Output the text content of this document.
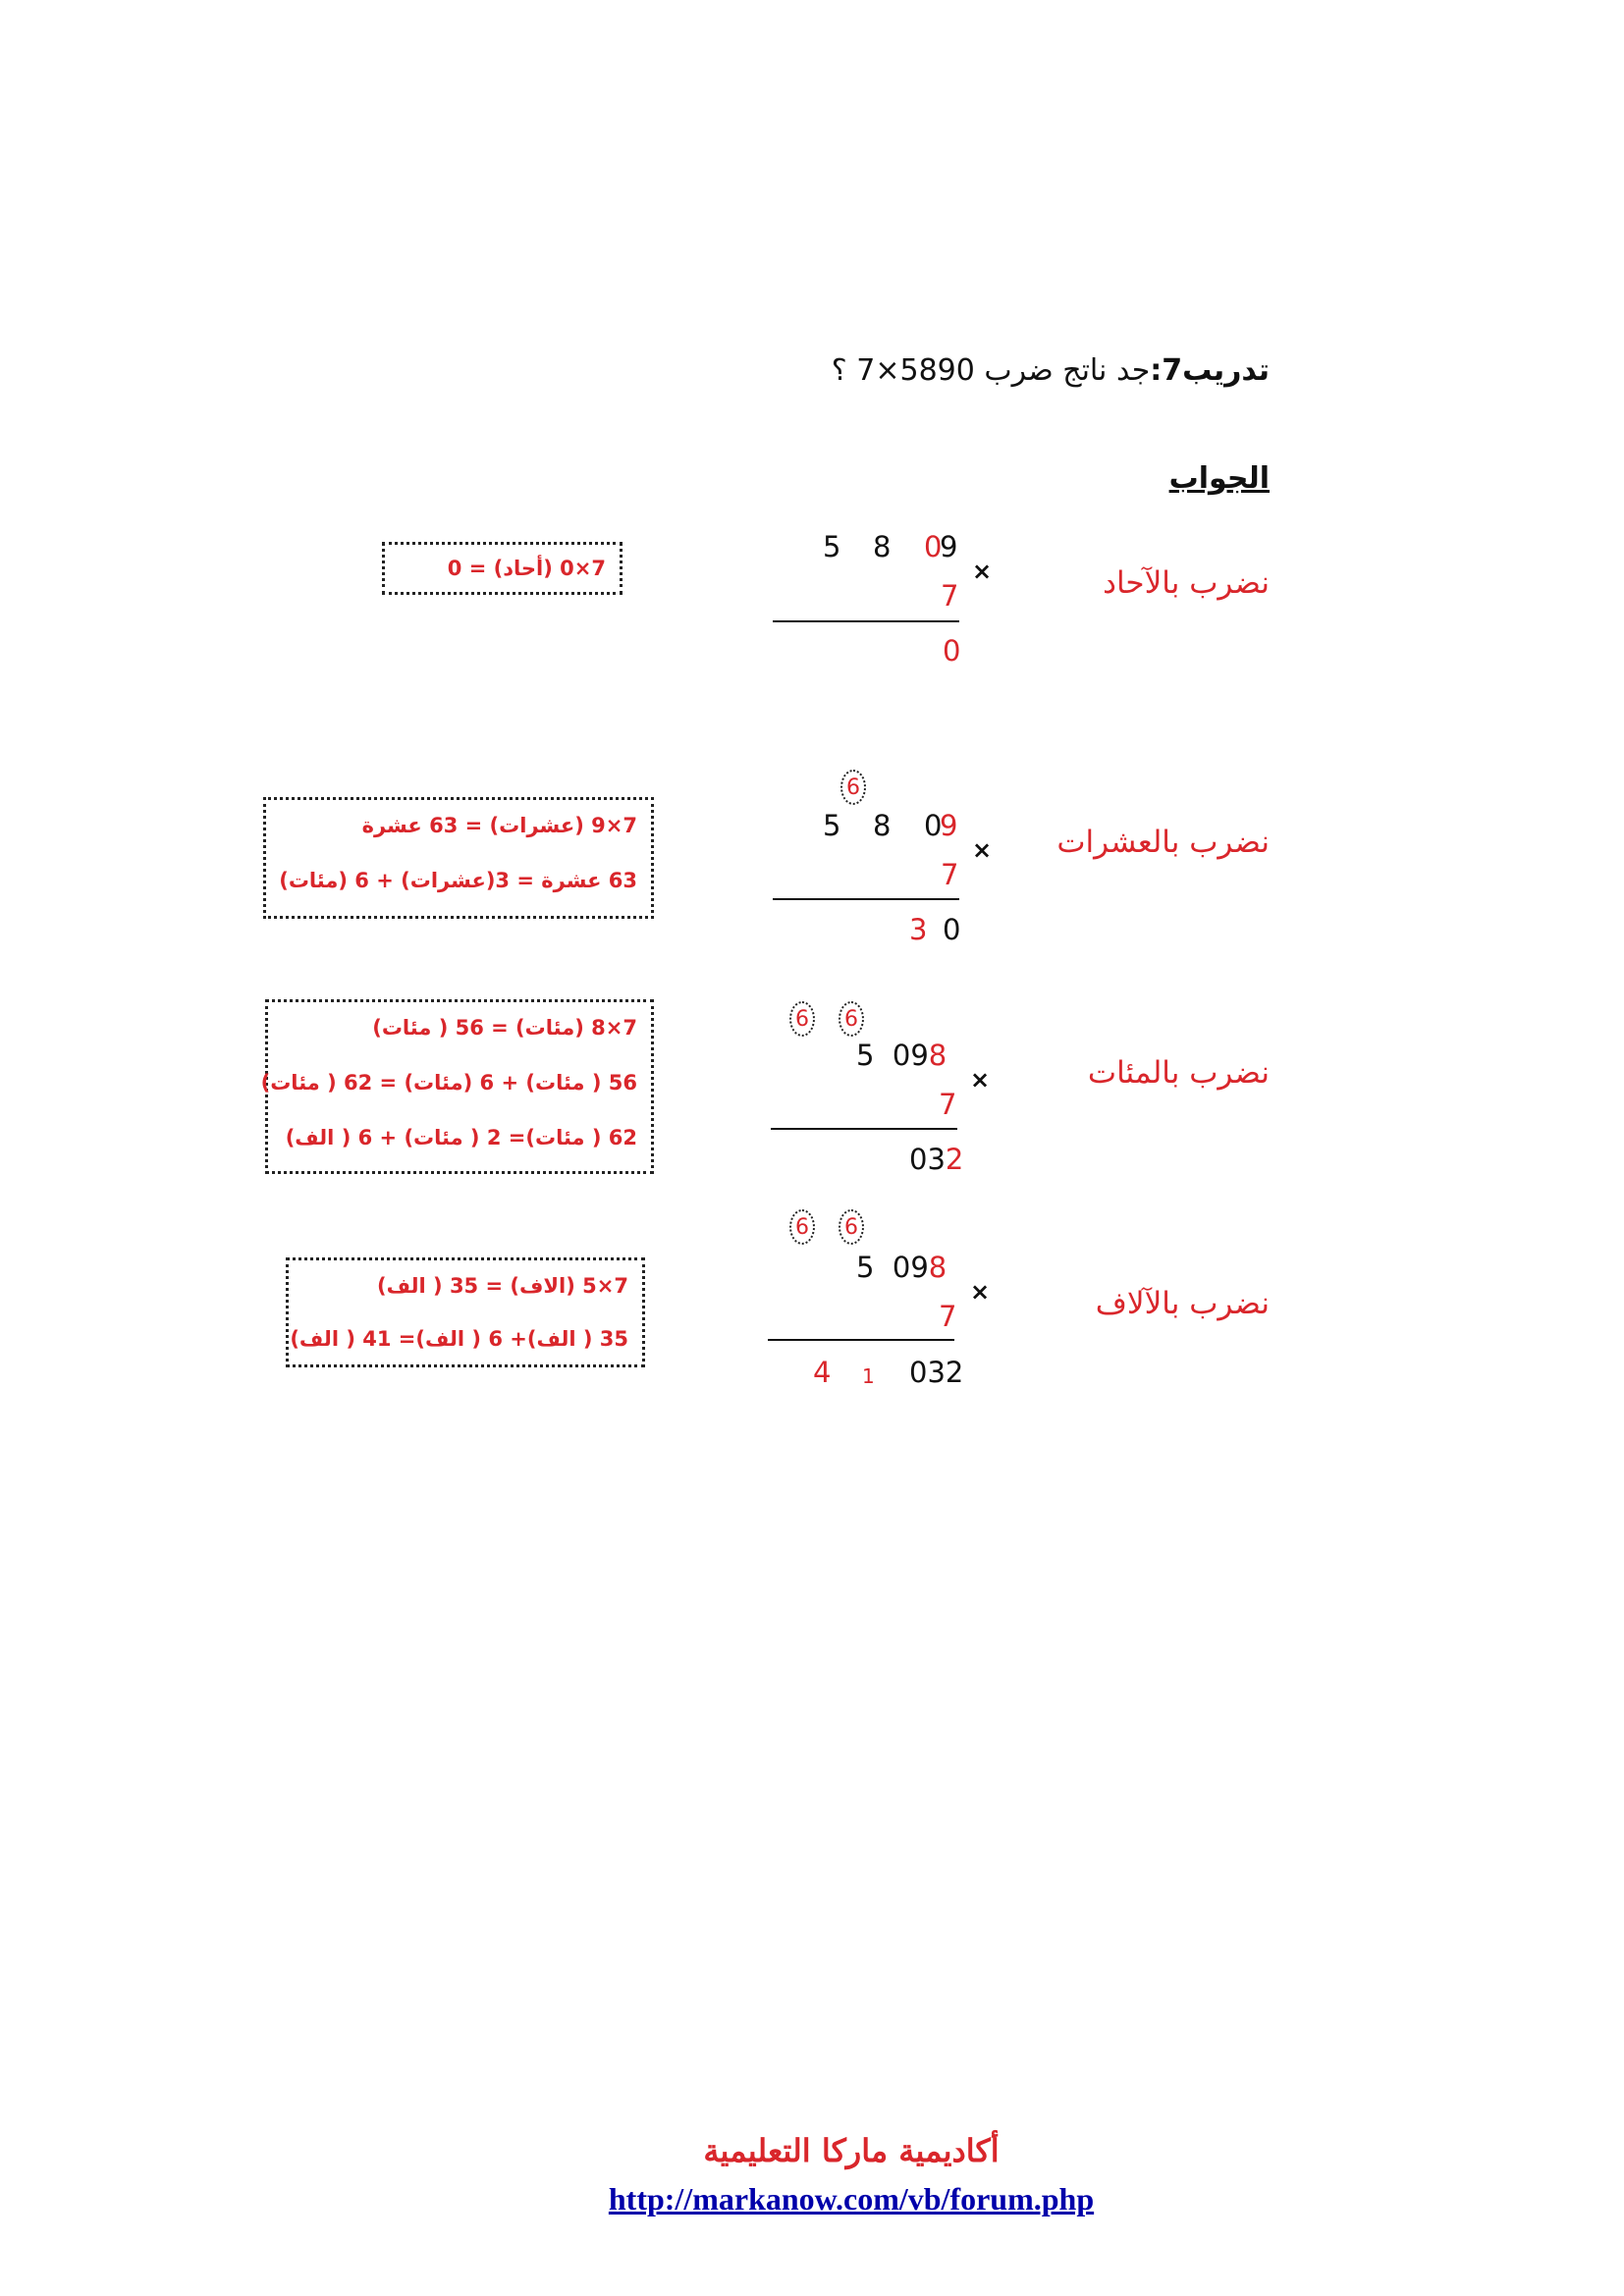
تدريب7:جد ناتج ضرب 5890×7 ؟
الجواب
نضرب بالآحاد
5 8 0
9
×
7
0
7×0 (أحاد) = 0
نضرب بالعشرات
6
5 8 0
9
×
7
3 0
7×9 (عشرات) = 63 عشرة
63 عشرة = 3(عشرات) + 6 (مئات)
نضرب بالمئات
6 6
5  098
×
7
032
7×8 (مئات) = 56 ( مئات)
56 ( مئات) + 6 (مئات) = 62 ( مئات)
62 ( مئات)= 2 ( مئات) + 6 ( الف)
نضرب بالآلاف
6 6
5  098
×
7
4 1 032
7×5 (الاف) = 35 ( الف)
35 ( الف)+ 6 ( الف)= 41 ( الف)
أكاديمية ماركا التعليمية
http://markanow.com/vb/forum.php
